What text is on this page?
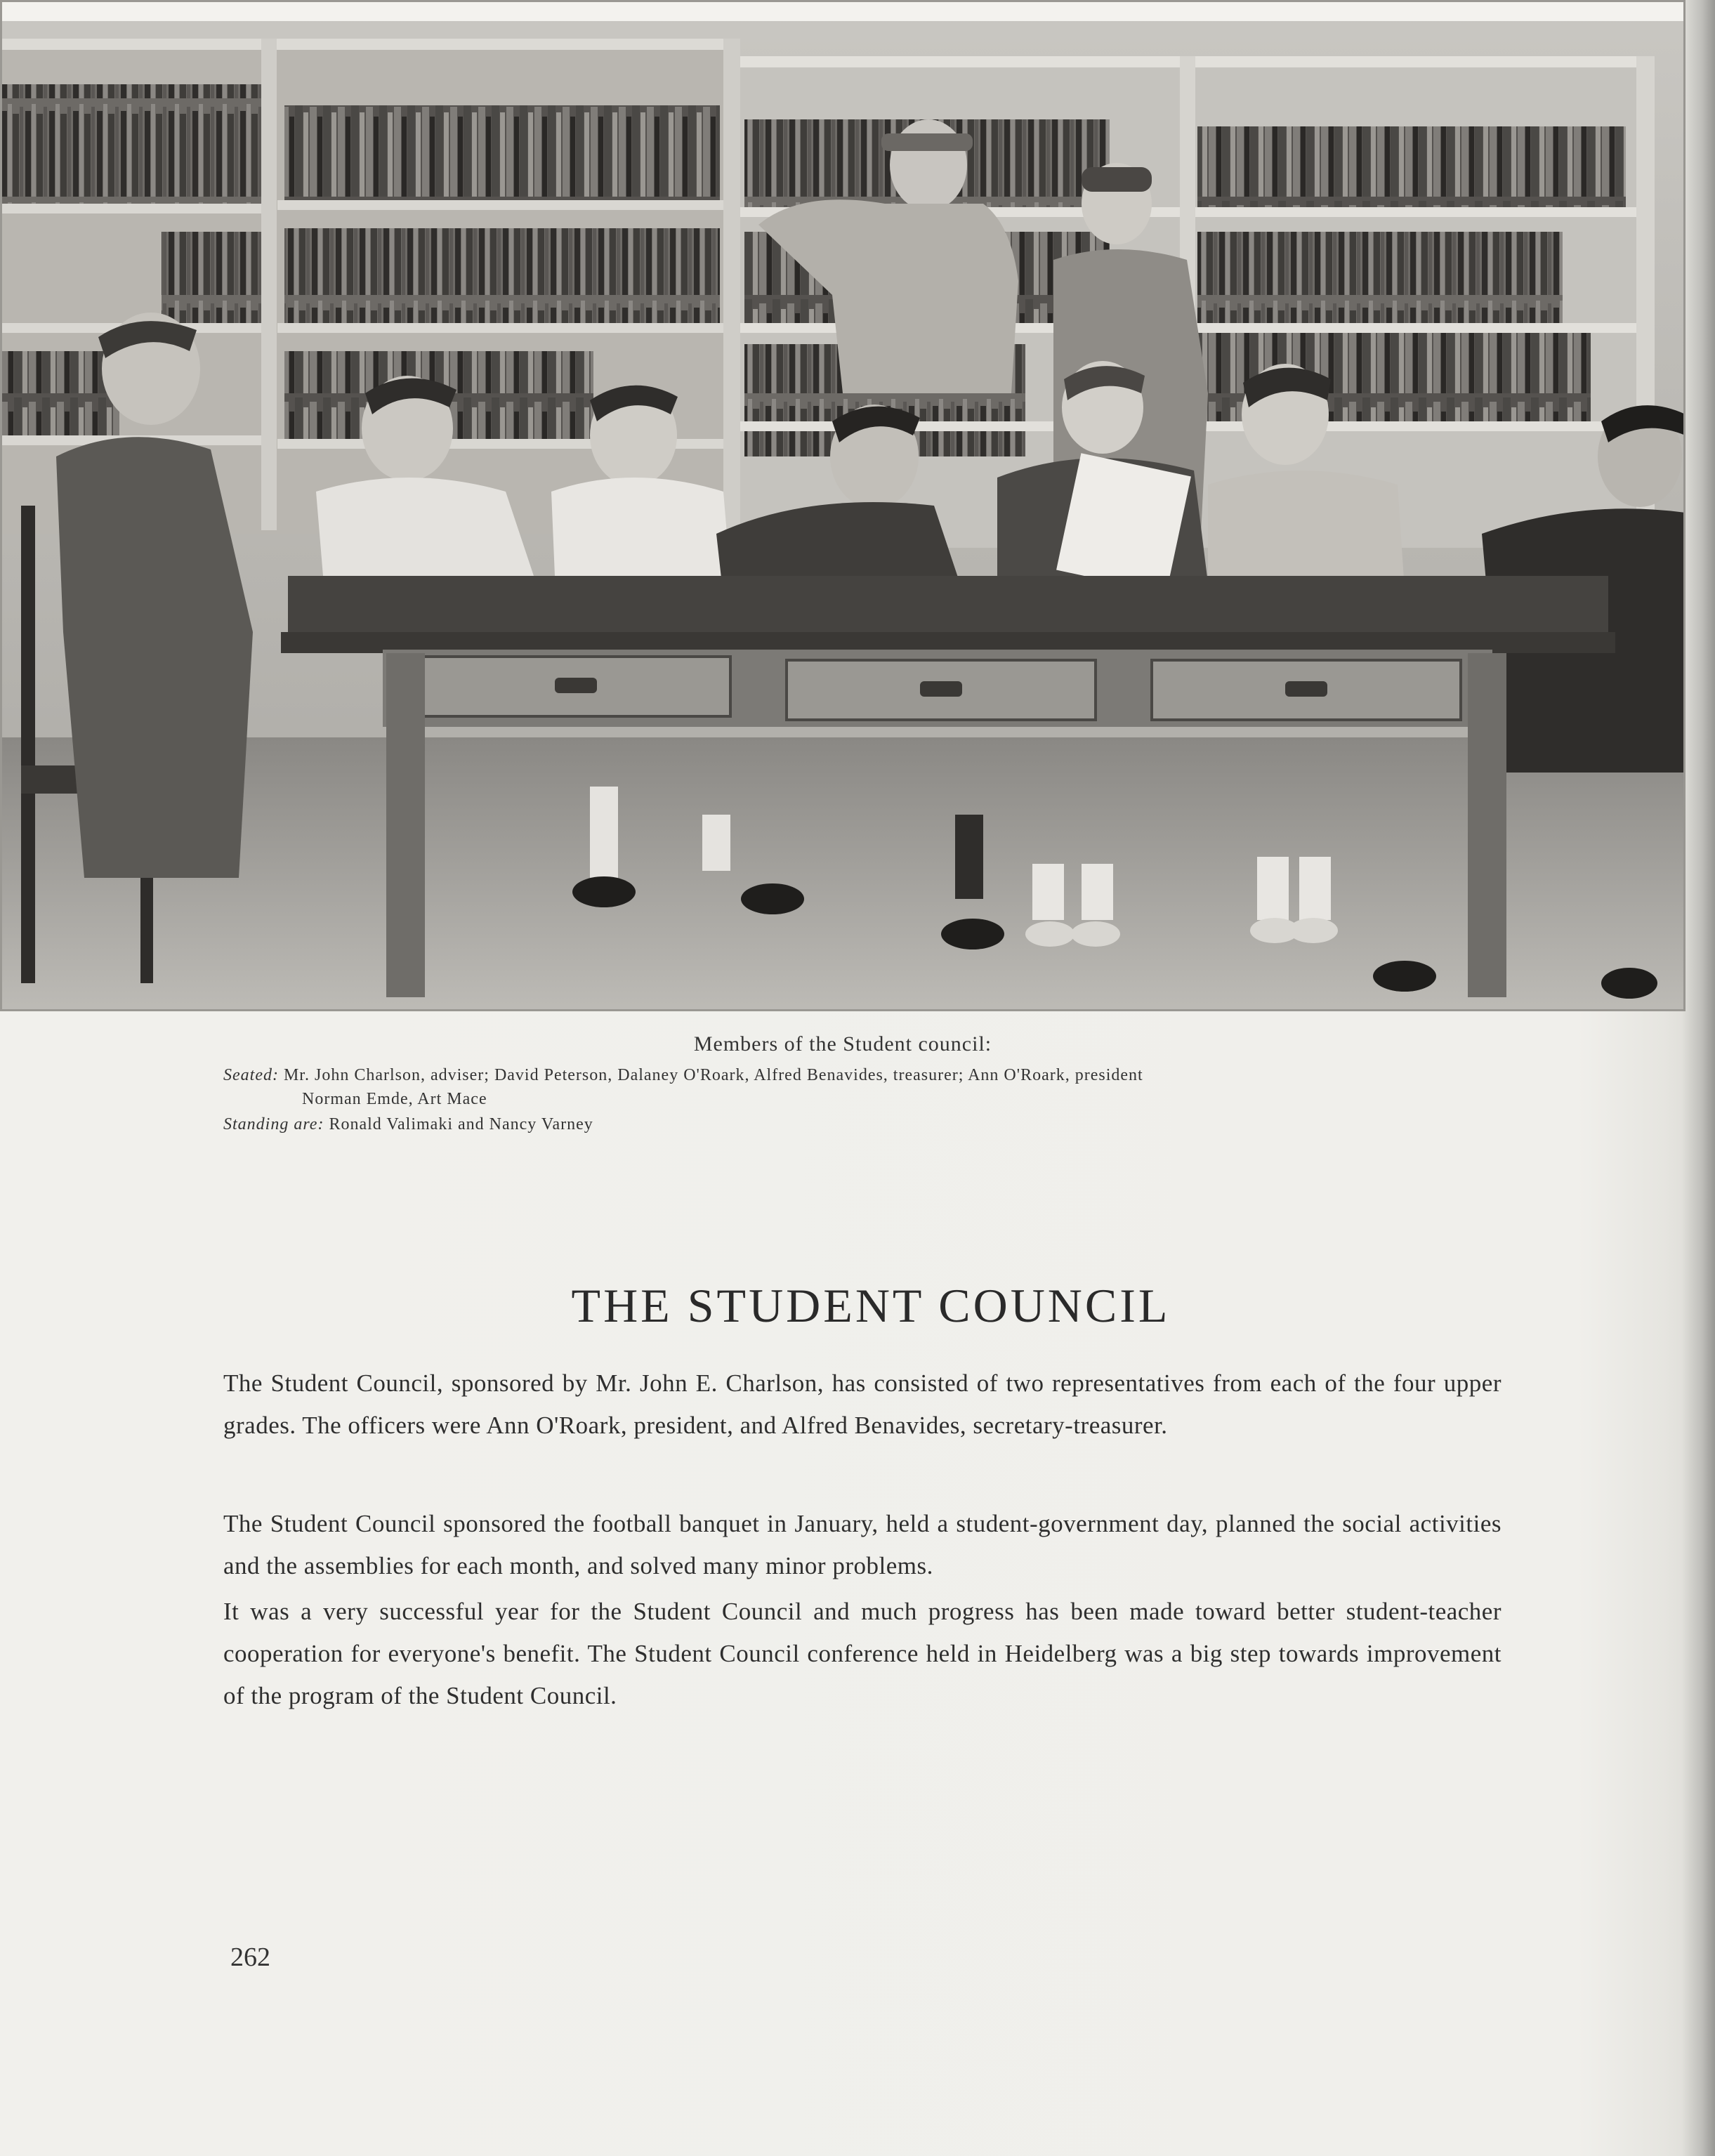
Members of the Student council:
Seated: Mr. John Charlson, adviser; David Peterson, Dalaney O'Roark, Alfred Benavides, treasurer; Ann O'Roark, president
Norman Emde, Art Mace
Standing are: Ronald Valimaki and Nancy Varney
THE STUDENT COUNCIL
The Student Council, sponsored by Mr. John E. Charlson, has consisted of two representatives from each of the four upper grades. The officers were Ann O'Roark, president, and Alfred Benavides, secretary-treasurer.
The Student Council sponsored the football banquet in January, held a student-government day, planned the social activities and the assemblies for each month, and solved many minor problems.
It was a very successful year for the Student Council and much progress has been made toward better student-teacher cooperation for everyone's benefit. The Student Council conference held in Heidelberg was a big step towards improvement of the program of the Student Council.
262
